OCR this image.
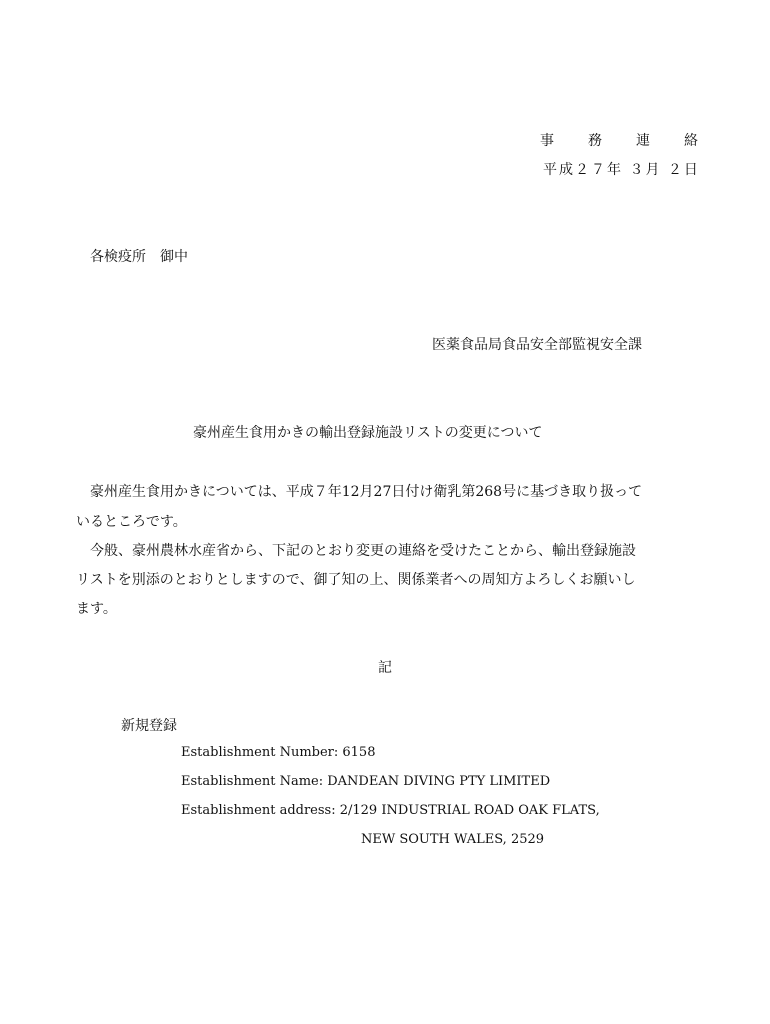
事務連絡
平成２７年 ３月 ２日
各検疫所　御中
医薬食品局食品安全部監視安全課
豪州産生食用かきの輸出登録施設リストの変更について
豪州産生食用かきについては、平成７年12月27日付け衛乳第268号に基づき取り扱って
いるところです。
今般、豪州農林水産省から、下記のとおり変更の連絡を受けたことから、輸出登録施設
リストを別添のとおりとしますので、御了知の上、関係業者への周知方よろしくお願いし
ます。
記
新規登録
Establishment Number: 6158
Establishment Name: DANDEAN DIVING PTY LIMITED
Establishment address: 2/129 INDUSTRIAL ROAD OAK FLATS,
NEW SOUTH WALES, 2529
